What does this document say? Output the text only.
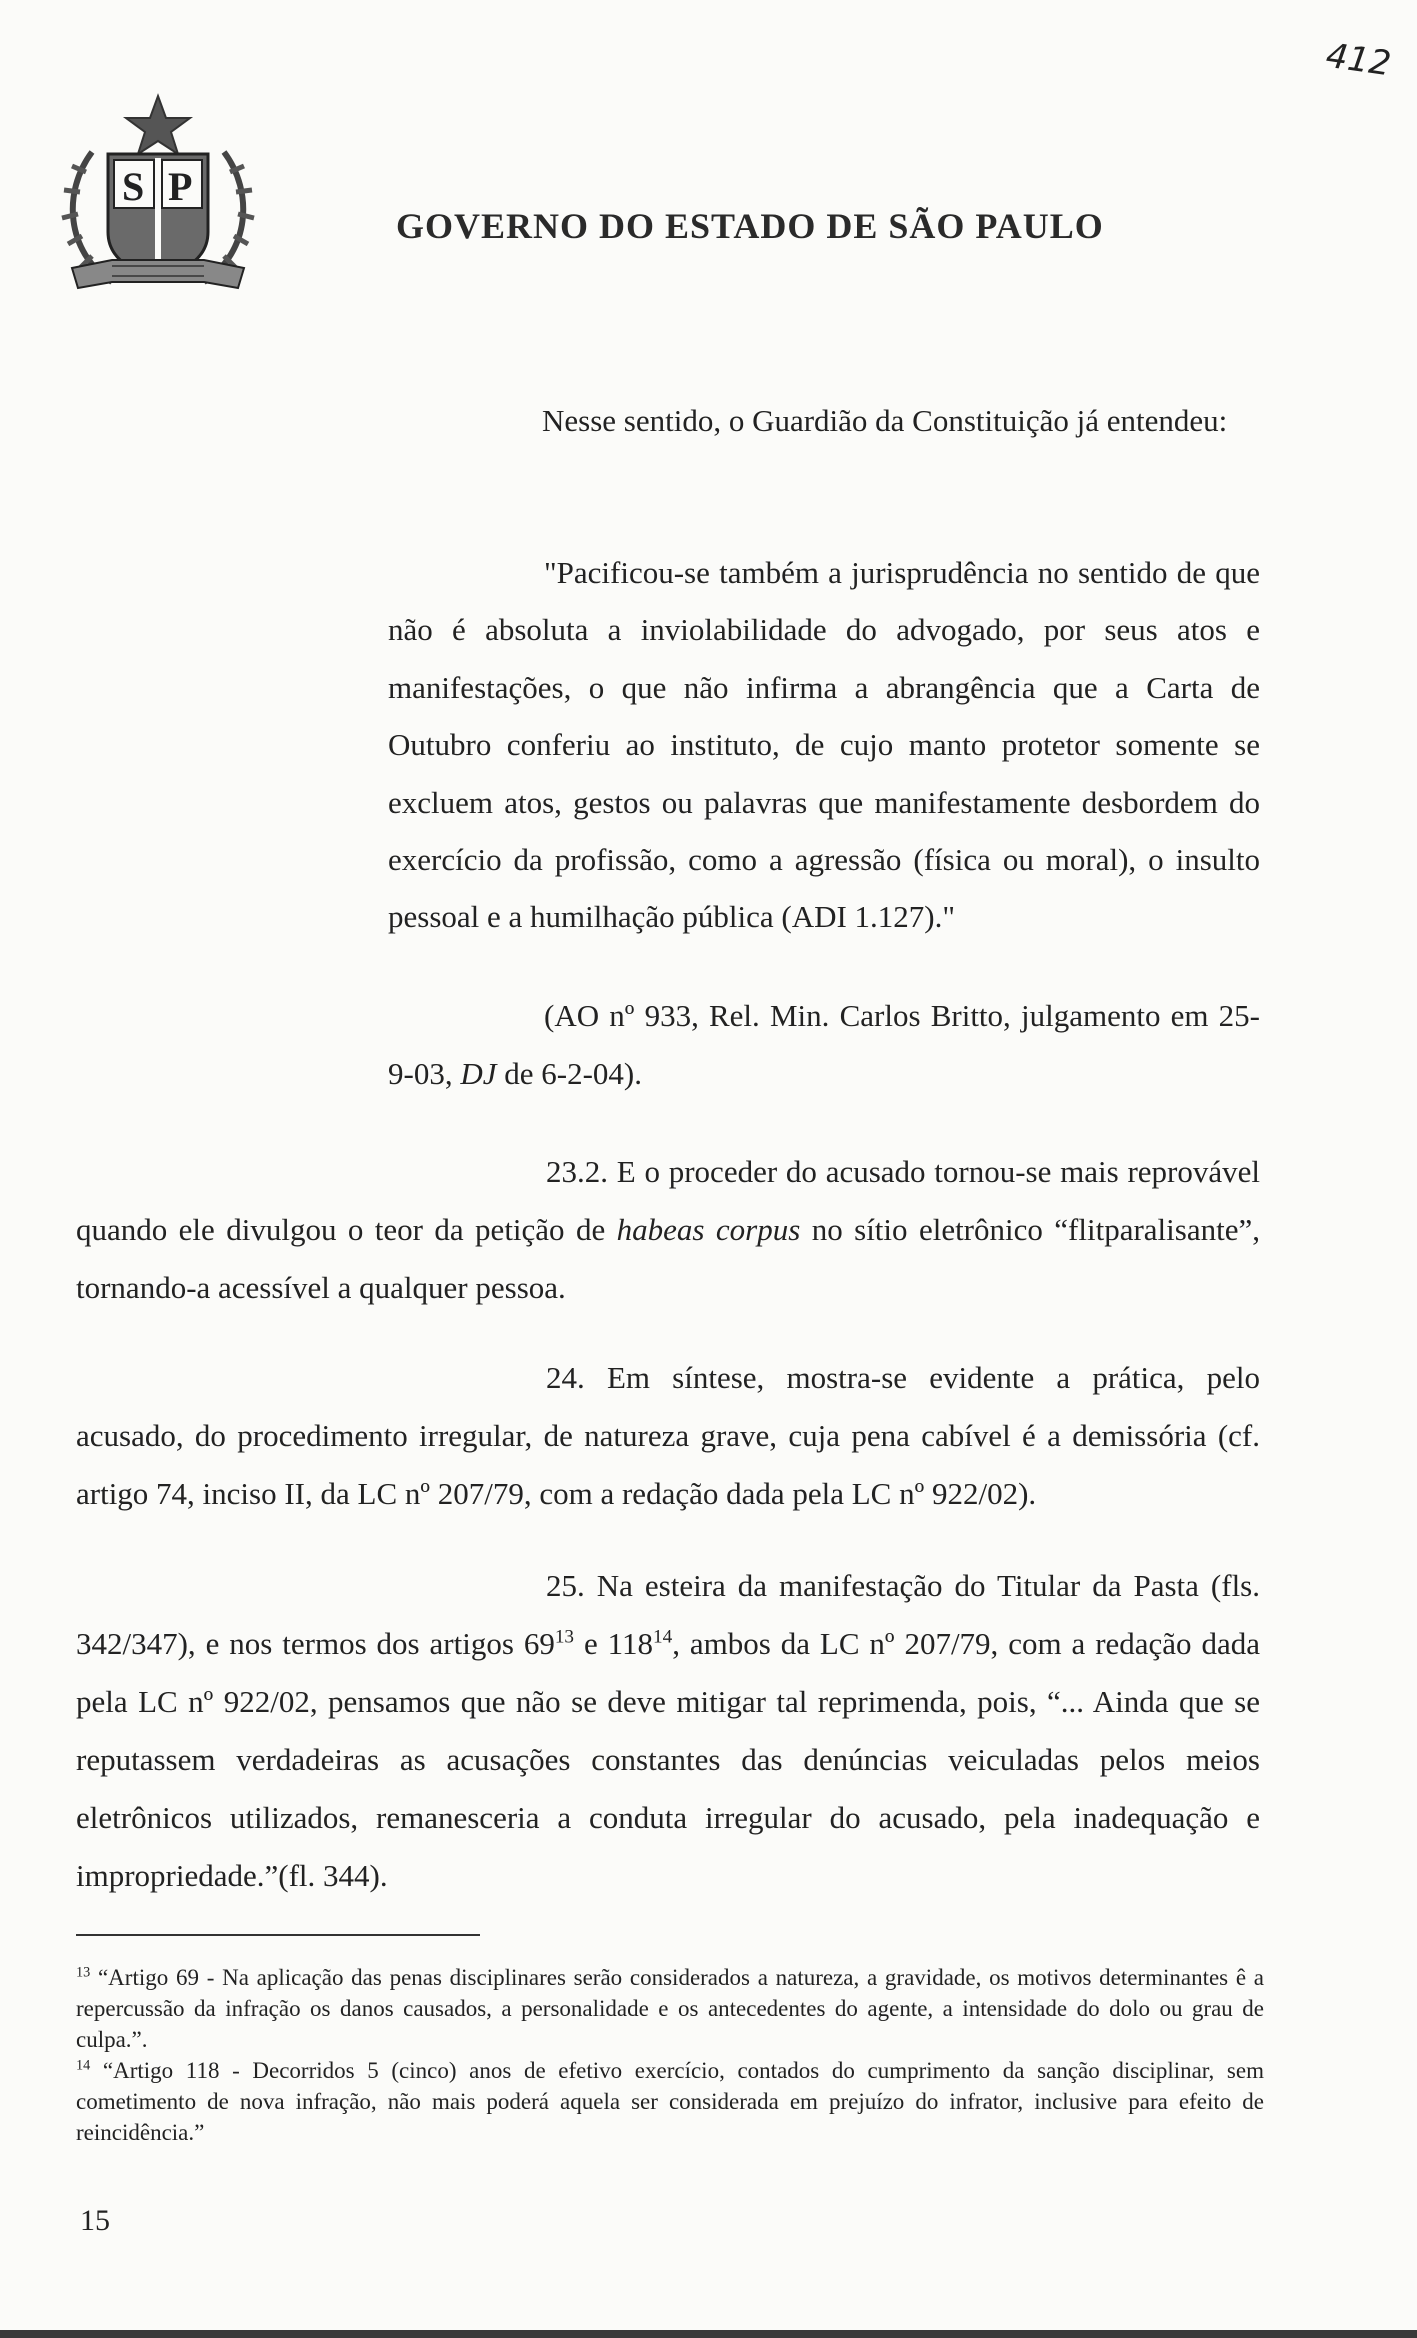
S P
GOVERNO DO ESTADO DE SÃO PAULO
412
Nesse sentido, o Guardião da Constituição já entendeu:
"Pacificou-se também a jurisprudência no sentido de que não é absoluta a inviolabilidade do advogado, por seus atos e manifestações, o que não infirma a abrangência que a Carta de Outubro conferiu ao instituto, de cujo manto protetor somente se excluem atos, gestos ou palavras que manifestamente desbordem do exercício da profissão, como a agressão (física ou moral), o insulto pessoal e a humilhação pública (ADI 1.127)."
(AO nº 933, Rel. Min. Carlos Britto, julgamento em 25-9-03, DJ de 6-2-04).
23.2. E o proceder do acusado tornou-se mais reprovável quando ele divulgou o teor da petição de habeas corpus no sítio eletrônico “flitparalisante”, tornando-a acessível a qualquer pessoa.
24. Em síntese, mostra-se evidente a prática, pelo acusado, do procedimento irregular, de natureza grave, cuja pena cabível é a demissória (cf. artigo 74, inciso II, da LC nº 207/79, com a redação dada pela LC nº 922/02).
25. Na esteira da manifestação do Titular da Pasta (fls. 342/347), e nos termos dos artigos $69^{13}$ e $118^{14}$, ambos da LC nº 207/79, com a redação dada pela LC nº 922/02, pensamos que não se deve mitigar tal reprimenda, pois, “... Ainda que se reputassem verdadeiras as acusações constantes das denúncias veiculadas pelos meios eletrônicos utilizados, remanesceria a conduta irregular do acusado, pela inadequação e impropriedade.”(fl. 344).

$^{13}$ “Artigo 69 - Na aplicação das penas disciplinares serão considerados a natureza, a gravidade, os motivos determinantes ê a repercussão da infração os danos causados, a personalidade e os antecedentes do agente, a intensidade do dolo ou grau de culpa.”.

$^{14}$ “Artigo 118 - Decorridos 5 (cinco) anos de efetivo exercício, contados do cumprimento da sanção disciplinar, sem cometimento de nova infração, não mais poderá aquela ser considerada em prejuízo do infrator, inclusive para efeito de reincidência.”

15
